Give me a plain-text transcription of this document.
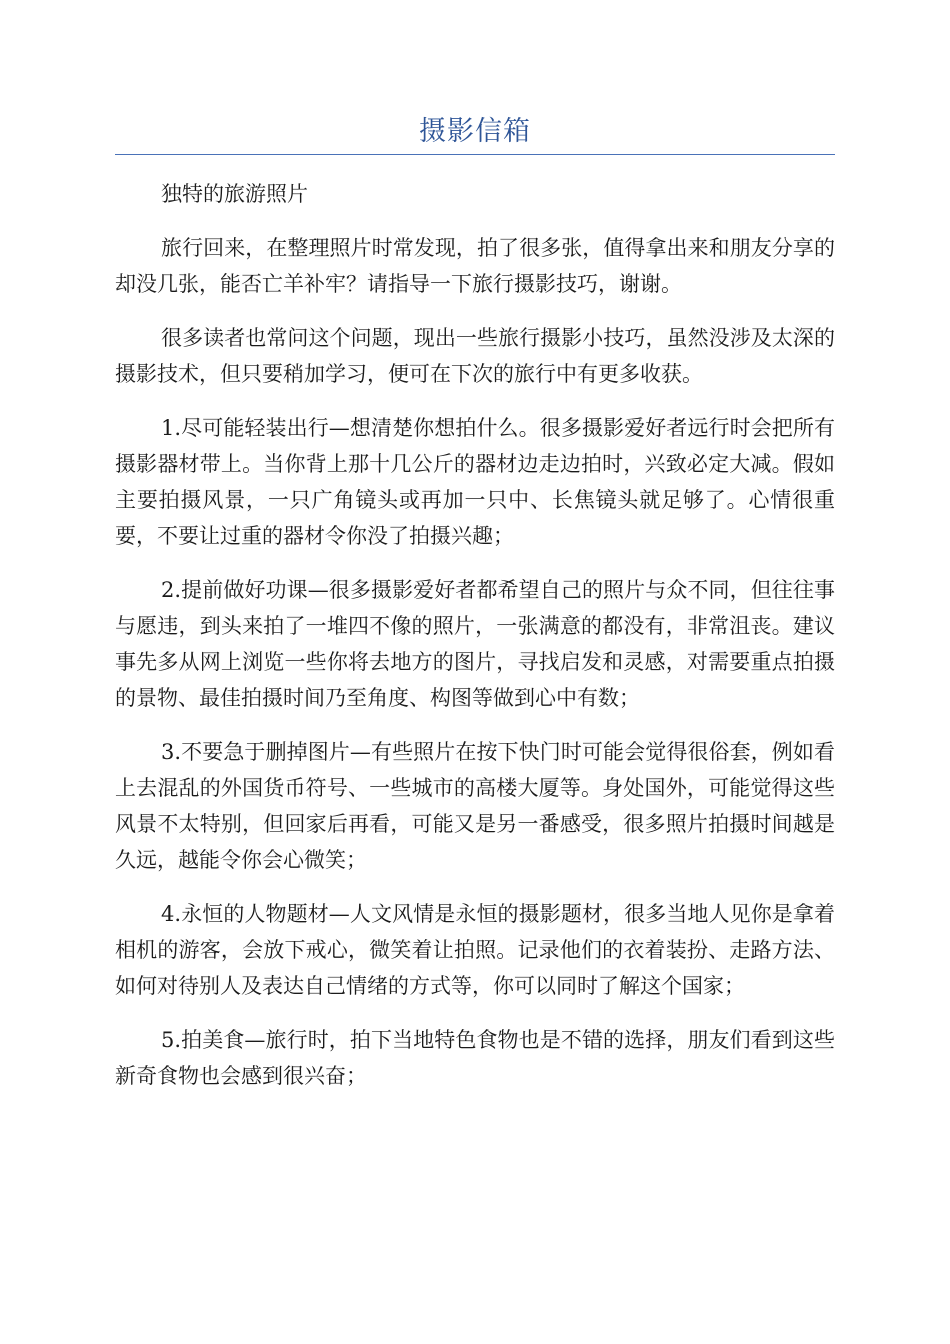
摄影信箱

独特的旅游照片

旅行回来，在整理照片时常发现，拍了很多张，值得拿出来和朋友分享的却没几张，能否亡羊补牢？请指导一下旅行摄影技巧，谢谢。

很多读者也常问这个问题，现出一些旅行摄影小技巧，虽然没涉及太深的摄影技术，但只要稍加学习，便可在下次的旅行中有更多收获。

1.尽可能轻装出行—想清楚你想拍什么。很多摄影爱好者远行时会把所有摄影器材带上。当你背上那十几公斤的器材边走边拍时，兴致必定大减。假如主要拍摄风景，一只广角镜头或再加一只中、长焦镜头就足够了。心情很重要，不要让过重的器材令你没了拍摄兴趣；

2.提前做好功课—很多摄影爱好者都希望自己的照片与众不同，但往往事与愿违，到头来拍了一堆四不像的照片，一张满意的都没有，非常沮丧。建议事先多从网上浏览一些你将去地方的图片，寻找启发和灵感，对需要重点拍摄的景物、最佳拍摄时间乃至角度、构图等做到心中有数；

3.不要急于删掉图片—有些照片在按下快门时可能会觉得很俗套，例如看上去混乱的外国货币符号、一些城市的高楼大厦等。身处国外，可能觉得这些风景不太特别，但回家后再看，可能又是另一番感受，很多照片拍摄时间越是久远，越能令你会心微笑；

4.永恒的人物题材—人文风情是永恒的摄影题材，很多当地人见你是拿着相机的游客，会放下戒心，微笑着让拍照。记录他们的衣着装扮、走路方法、如何对待别人及表达自己情绪的方式等，你可以同时了解这个国家；

5.拍美食—旅行时，拍下当地特色食物也是不错的选择，朋友们看到这些新奇食物也会感到很兴奋；
